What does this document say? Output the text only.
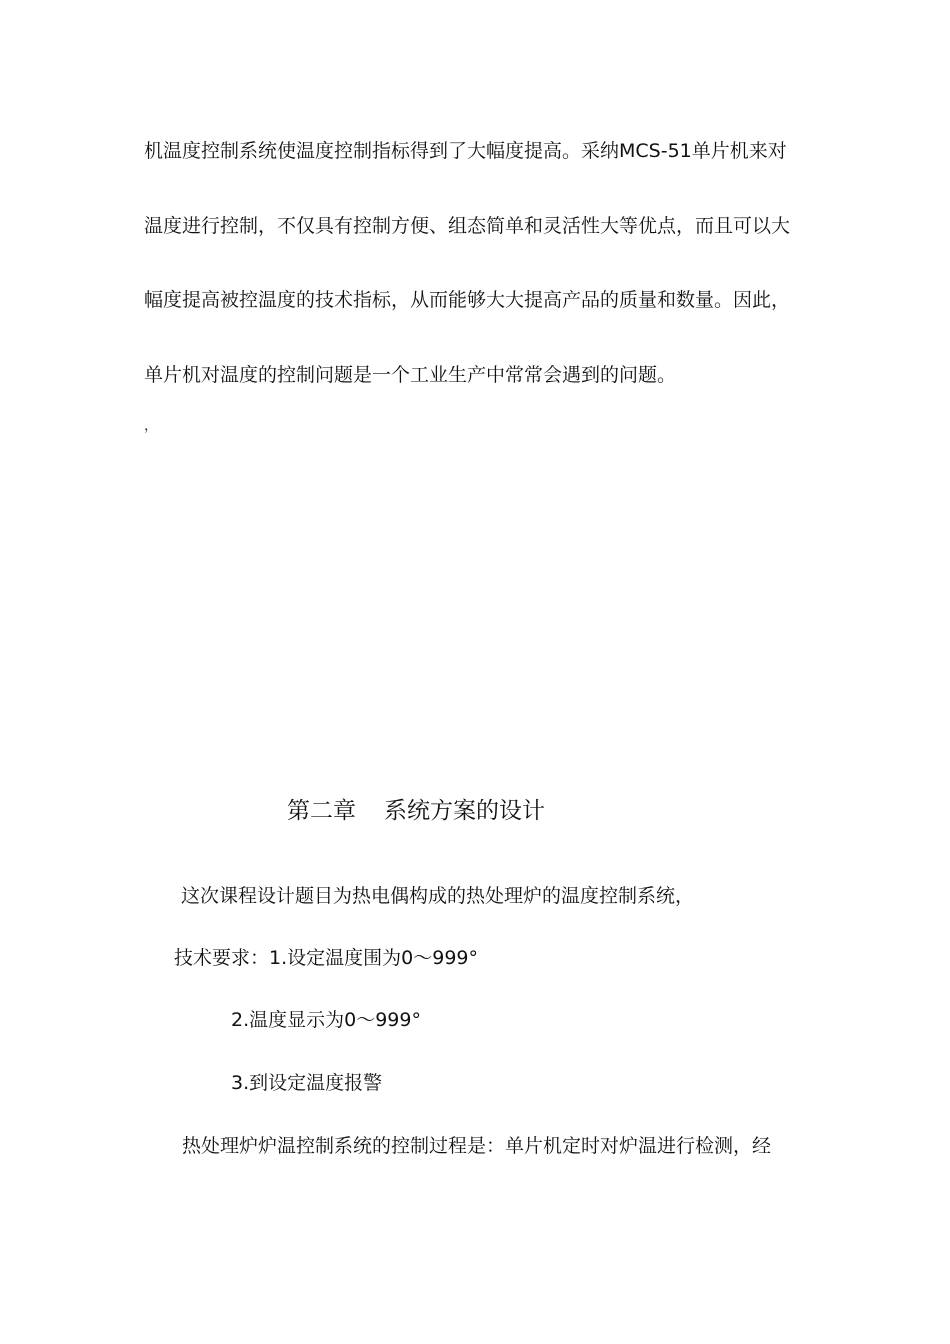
机温度控制系统使温度控制指标得到了大幅度提高。采纳MCS-51单片机来对
温度进行控制，不仅具有控制方便、组态简单和灵活性大等优点，而且可以大
幅度提高被控温度的技术指标，从而能够大大提高产品的质量和数量。因此，
单片机对温度的控制问题是一个工业生产中常常会遇到的问题。
，
第二章 系统方案的设计
这次课程设计题目为热电偶构成的热处理炉的温度控制系统，
技术要求：1.设定温度围为0～999°
2.温度显示为0～999°
3.到设定温度报警
热处理炉炉温控制系统的控制过程是：单片机定时对炉温进行检测，经
